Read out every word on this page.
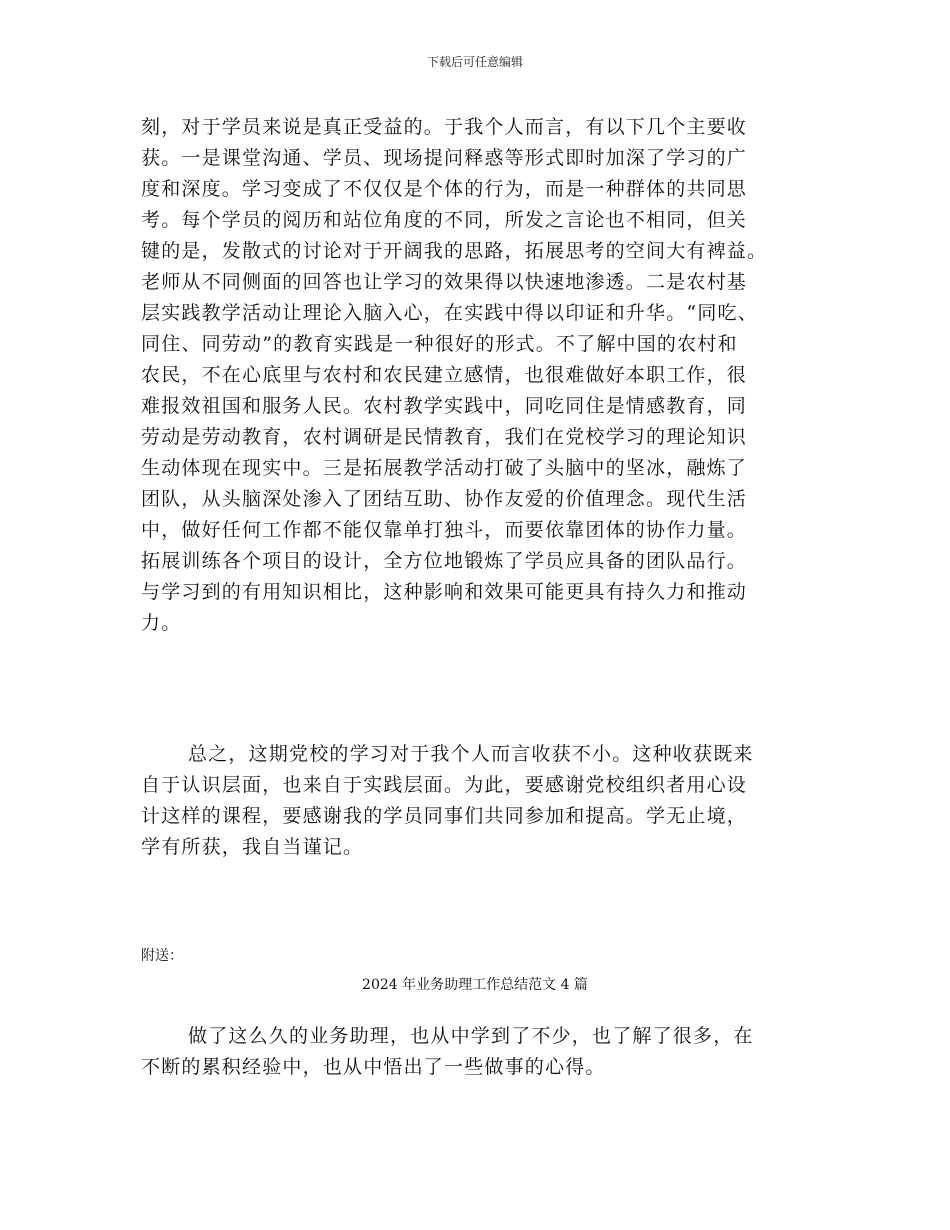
下载后可任意编辑

刻，对于学员来说是真正受益的。于我个人而言，有以下几个主要收
获。一是课堂沟通、学员、现场提问释惑等形式即时加深了学习的广
度和深度。学习变成了不仅仅是个体的行为，而是一种群体的共同思
考。每个学员的阅历和站位角度的不同，所发之言论也不相同，但关
键的是，发散式的讨论对于开阔我的思路，拓展思考的空间大有裨益。
老师从不同侧面的回答也让学习的效果得以快速地渗透。二是农村基
层实践教学活动让理论入脑入心，在实践中得以印证和升华。“同吃、
同住、同劳动”的教育实践是一种很好的形式。不了解中国的农村和
农民，不在心底里与农村和农民建立感情，也很难做好本职工作，很
难报效祖国和服务人民。农村教学实践中，同吃同住是情感教育，同
劳动是劳动教育，农村调研是民情教育，我们在党校学习的理论知识
生动体现在现实中。三是拓展教学活动打破了头脑中的坚冰，融炼了
团队，从头脑深处渗入了团结互助、协作友爱的价值理念。现代生活
中，做好任何工作都不能仅靠单打独斗，而要依靠团体的协作力量。
拓展训练各个项目的设计，全方位地锻炼了学员应具备的团队品行。
与学习到的有用知识相比，这种影响和效果可能更具有持久力和推动
力。

总之，这期党校的学习对于我个人而言收获不小。这种收获既来
自于认识层面，也来自于实践层面。为此，要感谢党校组织者用心设
计这样的课程，要感谢我的学员同事们共同参加和提高。学无止境，
学有所获，我自当谨记。

附送：
2024 年业务助理工作总结范文 4 篇

做了这么久的业务助理，也从中学到了不少，也了解了很多，在
不断的累积经验中，也从中悟出了一些做事的心得。
